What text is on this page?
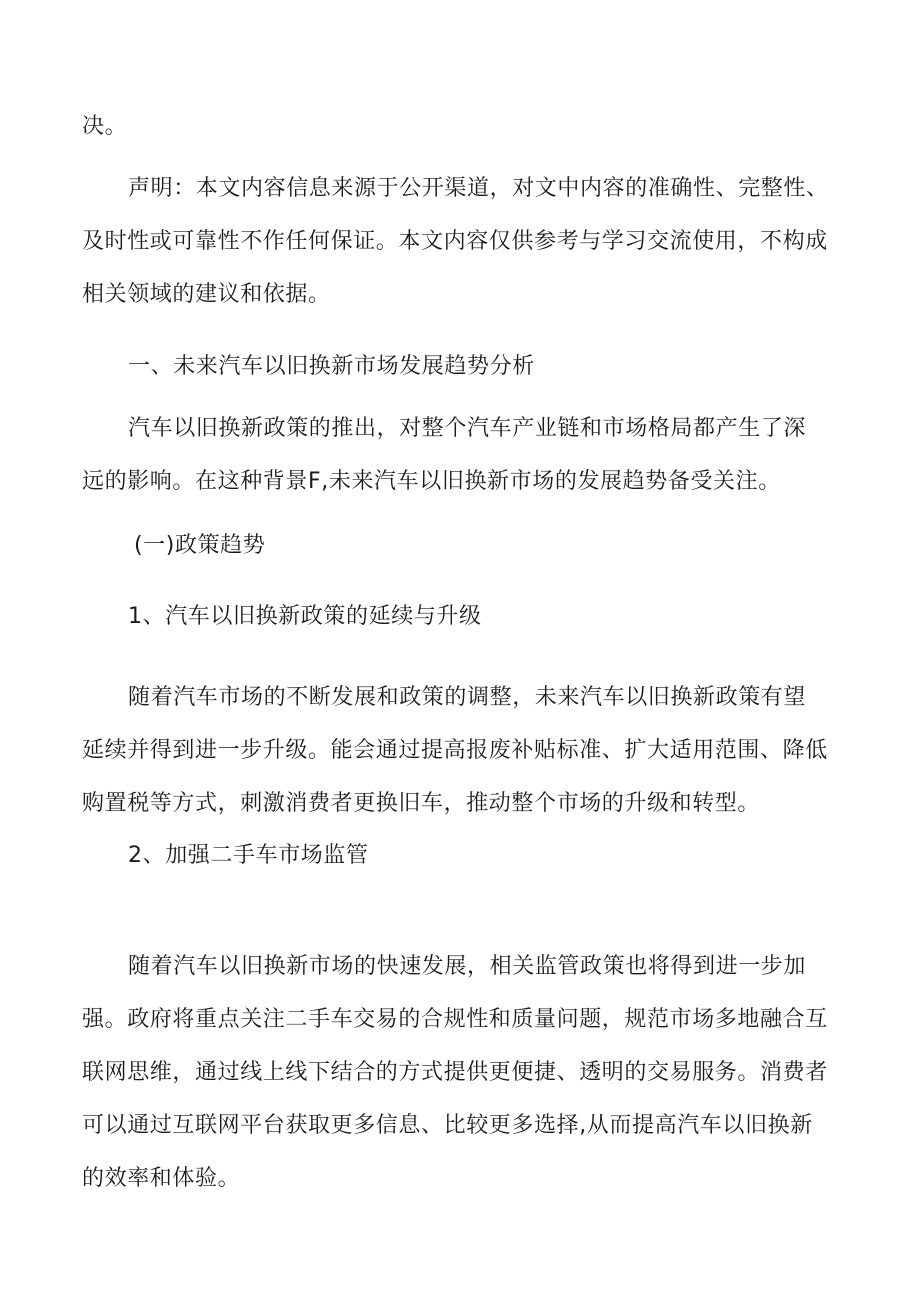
决。

声明：本文内容信息来源于公开渠道，对文中内容的准确性、完整性、
及时性或可靠性不作任何保证。本文内容仅供参考与学习交流使用，不构成
相关领域的建议和依据。

一、未来汽车以旧换新市场发展趋势分析

汽车以旧换新政策的推出，对整个汽车产业链和市场格局都产生了深
远的影响。在这种背景F,未来汽车以旧换新市场的发展趋势备受关注。

(一)政策趋势

1、汽车以旧换新政策的延续与升级

随着汽车市场的不断发展和政策的调整，未来汽车以旧换新政策有望
延续并得到进一步升级。能会通过提高报废补贴标准、扩大适用范围、降低
购置税等方式，刺激消费者更换旧车，推动整个市场的升级和转型。

2、加强二手车市场监管

随着汽车以旧换新市场的快速发展，相关监管政策也将得到进一步加
强。政府将重点关注二手车交易的合规性和质量问题，规范市场多地融合互
联网思维，通过线上线下结合的方式提供更便捷、透明的交易服务。消费者
可以通过互联网平台获取更多信息、比较更多选择,从而提高汽车以旧换新
的效率和体验。
